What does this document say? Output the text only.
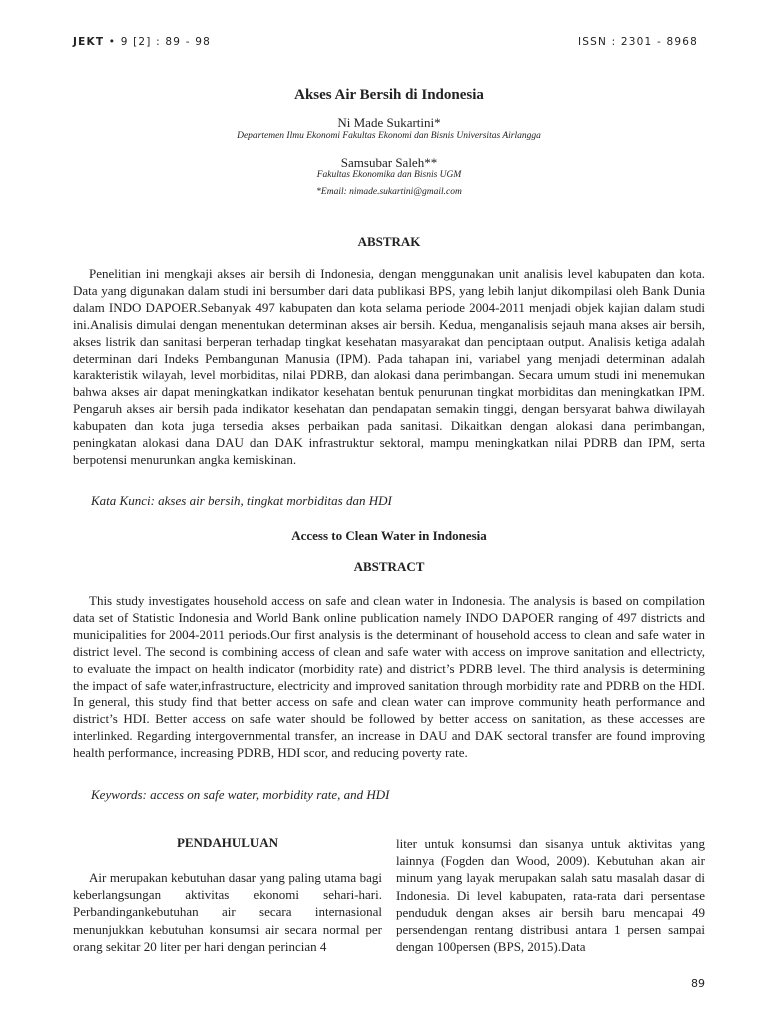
JEKT • 9 [2] : 89 - 98	ISSN : 2301 - 8968
Akses Air Bersih di Indonesia
Ni Made Sukartini*
Departemen Ilmu Ekonomi Fakultas Ekonomi dan Bisnis Universitas Airlangga
Samsubar Saleh**
Fakultas Ekonomika dan Bisnis UGM
*Email: nimade.sukartini@gmail.com
ABSTRAK
Penelitian ini mengkaji akses air bersih di Indonesia, dengan menggunakan unit analisis level kabupaten dan kota. Data yang digunakan dalam studi ini bersumber dari data publikasi BPS, yang lebih lanjut dikompilasi oleh Bank Dunia dalam INDO DAPOER.Sebanyak 497 kabupaten dan kota selama periode 2004-2011 menjadi objek kajian dalam studi ini.Analisis dimulai dengan menentukan determinan akses air bersih. Kedua, menganalisis sejauh mana akses air bersih, akses listrik dan sanitasi berperan terhadap tingkat kesehatan masyarakat dan penciptaan output. Analisis ketiga adalah determinan dari Indeks Pembangunan Manusia (IPM). Pada tahapan ini, variabel yang menjadi determinan adalah karakteristik wilayah, level morbiditas, nilai PDRB, dan alokasi dana perimbangan. Secara umum studi ini menemukan bahwa akses air dapat meningkatkan indikator kesehatan bentuk penurunan tingkat morbiditas dan meningkatkan IPM. Pengaruh akses air bersih pada indikator kesehatan dan pendapatan semakin tinggi, dengan bersyarat bahwa diwilayah kabupaten dan kota juga tersedia akses perbaikan pada sanitasi. Dikaitkan dengan alokasi dana perimbangan, peningkatan alokasi dana DAU dan DAK infrastruktur sektoral, mampu meningkatkan nilai PDRB dan IPM, serta berpotensi menurunkan angka kemiskinan.
Kata Kunci: akses air bersih, tingkat morbiditas dan HDI
Access to Clean Water in Indonesia
ABSTRACT
This study investigates household access on safe and clean water in Indonesia. The analysis is based on compilation data set of Statistic Indonesia and World Bank online publication namely INDO DAPOER ranging of 497 districts and municipalities for 2004-2011 periods.Our first analysis is the determinant of household access to clean and safe water in district level. The second is combining access of clean and safe water with access on improve sanitation and ellectricty, to evaluate the impact on health indicator (morbidity rate) and district’s PDRB level. The third analysis is determining the impact of safe water,infrastructure, electricity and improved sanitation through morbidity rate and PDRB on the HDI. In general, this study find that better access on safe and clean water can improve community heath performance and district’s HDI. Better access on safe water should be followed by better access on sanitation, as these accesses are interlinked. Regarding intergovernmental transfer, an increase in DAU and DAK sectoral transfer are found improving health performance, increasing PDRB, HDI scor, and reducing poverty rate.
Keywords: access on safe water, morbidity rate, and HDI
PENDAHULUAN
Air merupakan kebutuhan dasar yang paling utama bagi keberlangsungan aktivitas ekonomi sehari-hari. Perbandingankebutuhan air secara internasional menunjukkan kebutuhan konsumsi air secara normal per orang sekitar 20 liter per hari dengan perincian 4
liter untuk konsumsi dan sisanya untuk aktivitas yang lainnya (Fogden dan Wood, 2009). Kebutuhan akan air minum yang layak merupakan salah satu masalah dasar di Indonesia. Di level kabupaten, rata-rata dari persentase penduduk dengan akses air bersih baru mencapai 49 persendengan rentang distribusi antara 1 persen sampai dengan 100persen (BPS, 2015).Data
89
